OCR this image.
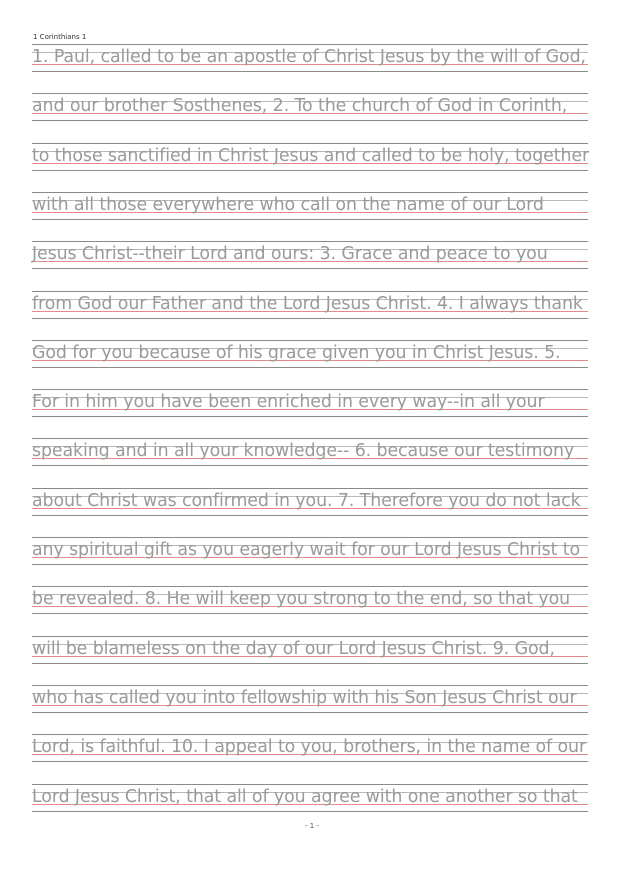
1 Corinthians 1
1. Paul, called to be an apostle of Christ Jesus by the will of God,
and our brother Sosthenes, 2. To the church of God in Corinth,
to those sanctified in Christ Jesus and called to be holy, together
with all those everywhere who call on the name of our Lord
Jesus Christ--their Lord and ours: 3. Grace and peace to you
from God our Father and the Lord Jesus Christ. 4. I always thank
God for you because of his grace given you in Christ Jesus. 5.
For in him you have been enriched in every way--in all your
speaking and in all your knowledge-- 6. because our testimony
about Christ was confirmed in you. 7. Therefore you do not lack
any spiritual gift as you eagerly wait for our Lord Jesus Christ to
be revealed. 8. He will keep you strong to the end, so that you
will be blameless on the day of our Lord Jesus Christ. 9. God,
who has called you into fellowship with his Son Jesus Christ our
Lord, is faithful. 10. I appeal to you, brothers, in the name of our
Lord Jesus Christ, that all of you agree with one another so that
- 1 -
